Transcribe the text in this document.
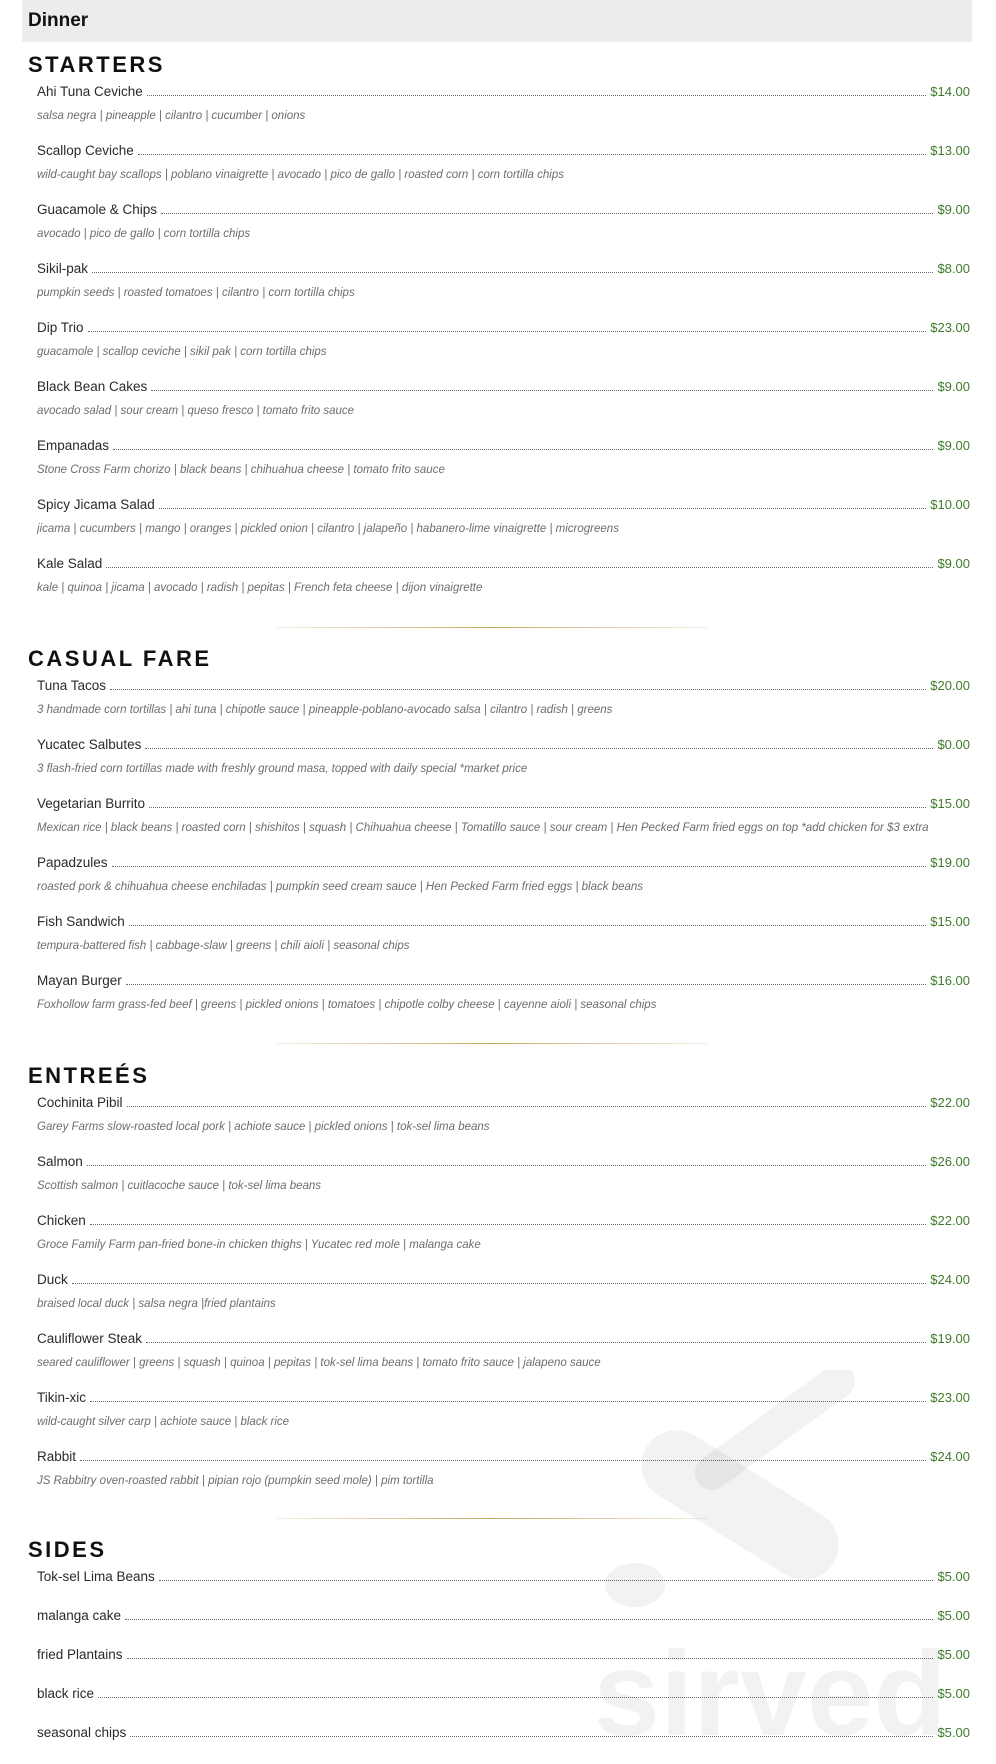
Dinner
STARTERS
Ahi Tuna Ceviche	$14.00
salsa negra | pineapple | cilantro | cucumber | onions
Scallop Ceviche	$13.00
wild-caught bay scallops | poblano vinaigrette | avocado | pico de gallo | roasted corn | corn tortilla chips
Guacamole & Chips	$9.00
avocado | pico de gallo | corn tortilla chips
Sikil-pak	$8.00
pumpkin seeds | roasted tomatoes | cilantro | corn tortilla chips
Dip Trio	$23.00
guacamole | scallop ceviche | sikil pak | corn tortilla chips
Black Bean Cakes	$9.00
avocado salad | sour cream | queso fresco | tomato frito sauce
Empanadas	$9.00
Stone Cross Farm chorizo | black beans | chihuahua cheese | tomato frito sauce
Spicy Jicama Salad	$10.00
jicama | cucumbers | mango | oranges | pickled onion | cilantro | jalapeño | habanero-lime vinaigrette | microgreens
Kale Salad	$9.00
kale | quinoa | jicama | avocado | radish | pepitas | French feta cheese | dijon vinaigrette
CASUAL FARE
Tuna Tacos	$20.00
3 handmade corn tortillas | ahi tuna | chipotle sauce | pineapple-poblano-avocado salsa | cilantro | radish | greens
Yucatec Salbutes	$0.00
3 flash-fried corn tortillas made with freshly ground masa, topped with daily special *market price
Vegetarian Burrito	$15.00
Mexican rice | black beans | roasted corn | shishitos | squash | Chihuahua cheese | Tomatillo sauce | sour cream | Hen Pecked Farm fried eggs on top *add chicken for $3 extra
Papadzules	$19.00
roasted pork & chihuahua cheese enchiladas | pumpkin seed cream sauce | Hen Pecked Farm fried eggs | black beans
Fish Sandwich	$15.00
tempura-battered fish | cabbage-slaw | greens | chili aioli | seasonal chips
Mayan Burger	$16.00
Foxhollow farm grass-fed beef | greens | pickled onions | tomatoes | chipotle colby cheese | cayenne aioli | seasonal chips
ENTREÉS
Cochinita Pibil	$22.00
Garey Farms slow-roasted local pork | achiote sauce | pickled onions | tok-sel lima beans
Salmon	$26.00
Scottish salmon | cuitlacoche sauce | tok-sel lima beans
Chicken	$22.00
Groce Family Farm pan-fried bone-in chicken thighs | Yucatec red mole | malanga cake
Duck	$24.00
braised local duck | salsa negra |fried plantains
Cauliflower Steak	$19.00
seared cauliflower | greens | squash | quinoa | pepitas | tok-sel lima beans | tomato frito sauce | jalapeno sauce
Tikin-xic	$23.00
wild-caught silver carp | achiote sauce | black rice
Rabbit	$24.00
JS Rabbitry oven-roasted rabbit | pipian rojo (pumpkin seed mole) | pim tortilla
SIDES
Tok-sel Lima Beans	$5.00
malanga cake	$5.00
fried Plantains	$5.00
black rice	$5.00
seasonal chips	$5.00
sirved
